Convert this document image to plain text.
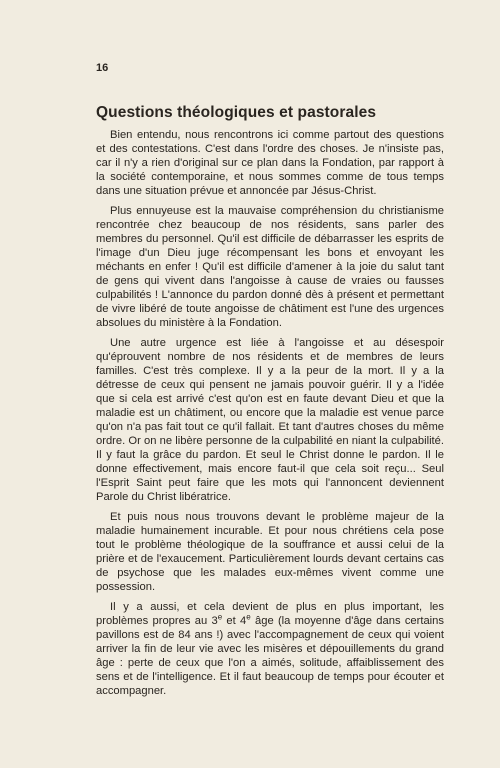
16
Questions théologiques et pastorales

Bien entendu, nous rencontrons ici comme partout des questions et des contestations. C'est dans l'ordre des choses. Je n'insiste pas, car il n'y a rien d'original sur ce plan dans la Fondation, par rapport à la société contemporaine, et nous sommes comme de tous temps dans une situation prévue et annoncée par Jésus-Christ.

Plus ennuyeuse est la mauvaise compréhension du christianisme rencontrée chez beaucoup de nos résidents, sans parler des membres du personnel. Qu'il est difficile de débarrasser les esprits de l'image d'un Dieu juge récompensant les bons et envoyant les méchants en enfer ! Qu'il est difficile d'amener à la joie du salut tant de gens qui vivent dans l'angoisse à cause de vraies ou fausses culpabilités ! L'annonce du pardon donné dès à présent et permettant de vivre libéré de toute angoisse de châtiment est l'une des urgences absolues du ministère à la Fondation.

Une autre urgence est liée à l'angoisse et au désespoir qu'éprouvent nombre de nos résidents et de membres de leurs familles. C'est très complexe. Il y a la peur de la mort. Il y a la détresse de ceux qui pensent ne jamais pouvoir guérir. Il y a l'idée que si cela est arrivé c'est qu'on est en faute devant Dieu et que la maladie est un châtiment, ou encore que la maladie est venue parce qu'on n'a pas fait tout ce qu'il fallait. Et tant d'autres choses du même ordre. Or on ne libère personne de la culpabilité en niant la culpabilité. Il y faut la grâce du pardon. Et seul le Christ donne le pardon. Il le donne effectivement, mais encore faut-il que cela soit reçu... Seul l'Esprit Saint peut faire que les mots qui l'annoncent deviennent Parole du Christ libératrice.

Et puis nous nous trouvons devant le problème majeur de la maladie humainement incurable. Et pour nous chrétiens cela pose tout le problème théologique de la souffrance et aussi celui de la prière et de l'exaucement. Particulièrement lourds devant certains cas de psychose que les malades eux-mêmes vivent comme une possession.

Il y a aussi, et cela devient de plus en plus important, les problèmes propres au 3e et 4e âge (la moyenne d'âge dans certains pavillons est de 84 ans !) avec l'accompagnement de ceux qui voient arriver la fin de leur vie avec les misères et dépouillements du grand âge : perte de ceux que l'on a aimés, solitude, affaiblissement des sens et de l'intelligence. Et il faut beaucoup de temps pour écouter et accompagner.
